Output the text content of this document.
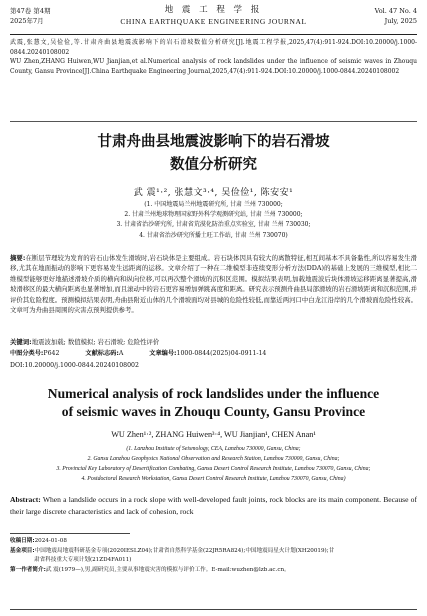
第47卷 第4期
2025年7月
地 震 工 程 学 报
CHINA EARTHQUAKE ENGINEERING JOURNAL
Vol. 47 No. 4
July, 2025

武震,张慧文,吴俭俭,等.甘肃舟曲县地震波影响下的岩石滑坡数值分析研究[J].地震工程学报,2025,47(4):911-924.DOI:10.20000/j.1000-0844.20240108002

WU Zhen,ZHANG Huiwen,WU Jianjian,et al.Numerical analysis of rock landslides under the influence of seismic waves in Zhouqu County, Gansu Province[J].China Earthquake Engineering Journal,2025,47(4):911-924.DOI:10.20000/j.1000-0844.20240108002

甘肃舟曲县地震波影响下的岩石滑坡
数值分析研究
武 震¹·², 张慧文³·⁴, 吴俭俭¹, 陈安安¹
(1. 中国地震局兰州地震研究所, 甘肃 兰州 730000;
2. 甘肃兰州地球物理国家野外科学观测研究站, 甘肃 兰州 730000;
3. 甘肃省治沙研究所, 甘肃省荒漠化防治重点实验室, 甘肃 兰州 730030;
4. 甘肃省治沙研究所播土旺工作站, 甘肃 兰州 730070)
摘要:在断层节理较为发育的岩石山体发生滑坡时,岩石块体是主要组成。岩石块体因具有较大的离散特征,相互间基本不具备黏性,所以容易发生滑移,尤其在地面振动的影响下更容易发生远距离的运移。文章介绍了一种在二维模型非连续变形分析方法(DDA)的基础上发展的三维模型,相比二维模型能够更好地描述滑坡介质的横向和纵向位移,可以再次整个滑坡的沉积区范围。模拟结果表明,加载地震波后块体滑坡运移距离显著提高,滑坡滑移区的最大横向距离也显著增加,而且滚动中的岩石更容易增加弹跳高度和距离。研究表示预测舟曲县局部滑坡的岩石滑坡距离和沉积范围,并评价其危险程度。预测模拟结果表明,舟曲县附近山体的几个滑坡面均对县城的危险性较低,而靠近两河口中白龙江沿岸的几个滑坡面危险性较高。文章可为舟曲县周围的灾害点预判提供参考。
关键词:地震波加载; 数值模拟; 岩石滑坡; 危险性评价
中图分类号:P642	文献标志码:A	文章编号:1000-0844(2025)04-0911-14
DOI:10.20000/j.1000-0844.20240108002
Numerical analysis of rock landslides under the influence
of seismic waves in Zhouqu County, Gansu Province
WU Zhen¹·², ZHANG Huiwen³·⁴, WU Jianjian¹, CHEN Anan¹
(1. Lanzhou Institute of Seismology, CEA, Lanzhou 730000, Gansu, China;
2. Gansu Lanzhou Geophysics National Observation and Research Station, Lanzhou 730000, Gansu, China;
3. Provincial Key Laboratory of Desertification Combating, Gansu Desert Control Research Institute, Lanzhou 730070, Gansu, China;
4. Postdoctoral Research Workstation, Gansu Desert Control Research Institute, Lanzhou 730070, Gansu, China)
Abstract: When a landslide occurs in a rock slope with well-developed fault joints, rock blocks are its main component. Because of their large discrete characteristics and lack of cohesion, rock

收稿日期:2024-01-08

基金项目:中国地震局地震科研基金专项(2020IESLZ04);甘肃省自然科学基金(22JR5RA824);中国地震局星火计划(XH20019);甘

肃省科技重大专项计划(21ZD4FA011)

第一作者简介:武 震(1979—),男,副研究员,主要从事地震灾害的模拟与评价工作。E-mail:wuzhen@lzb.ac.cn。
